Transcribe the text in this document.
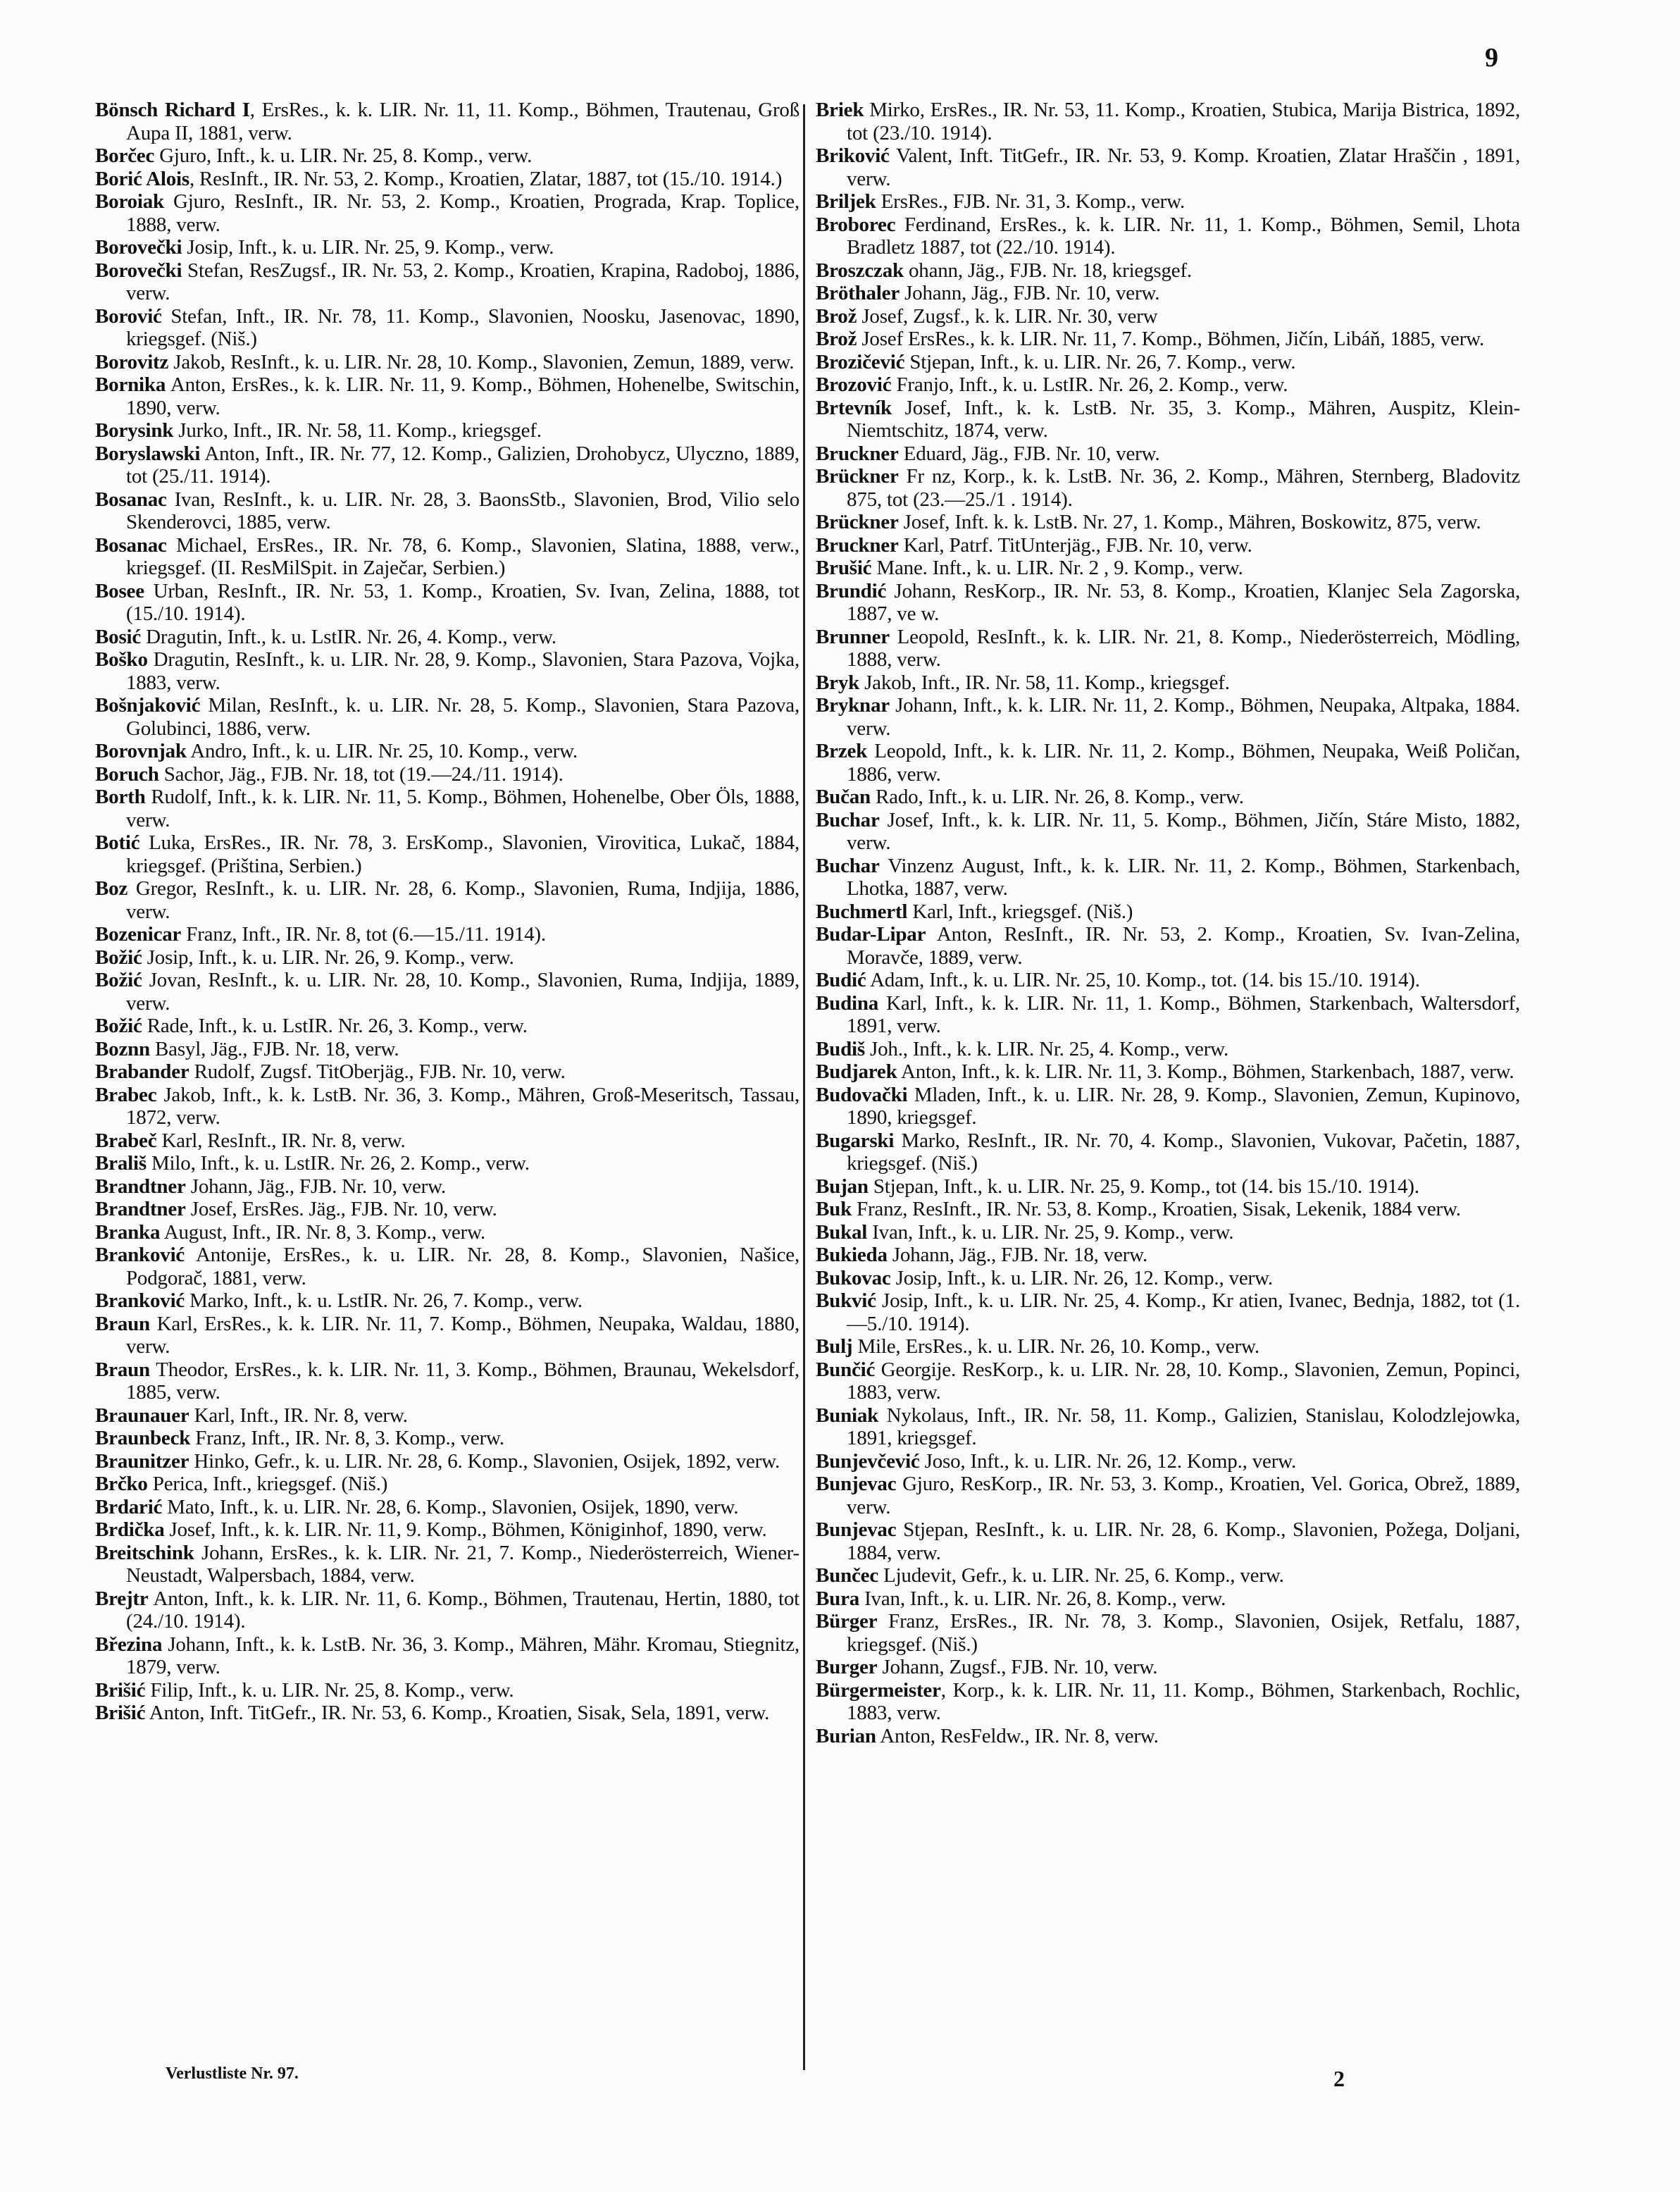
9

Bönsch Richard I, ErsRes., k. k. LIR. Nr. 11, 11. Komp., Böhmen, Trautenau, Groß Aupa II, 1881, verw.

Borčec Gjuro, Inft., k. u. LIR. Nr. 25, 8. Komp., verw.

Borić Alois, ResInft., IR. Nr. 53, 2. Komp., Kroatien, Zlatar, 1887, tot (15./10. 1914.)

Boroiak Gjuro, ResInft., IR. Nr. 53, 2. Komp., Kroatien, Prograda, Krap. Toplice, 1888, verw.

Borovečki Josip, Inft., k. u. LIR. Nr. 25, 9. Komp., verw.

Borovečki Stefan, ResZugsf., IR. Nr. 53, 2. Komp., Kroatien, Krapina, Radoboj, 1886, verw.

Borović Stefan, Inft., IR. Nr. 78, 11. Komp., Slavonien, Noosku, Jasenovac, 1890, kriegsgef. (Niš.)

Borovitz Jakob, ResInft., k. u. LIR. Nr. 28, 10. Komp., Slavonien, Zemun, 1889, verw.

Bornika Anton, ErsRes., k. k. LIR. Nr. 11, 9. Komp., Böhmen, Hohenelbe, Switschin, 1890, verw.

Borysink Jurko, Inft., IR. Nr. 58, 11. Komp., kriegsgef.

Boryslawski Anton, Inft., IR. Nr. 77, 12. Komp., Galizien, Drohobycz, Ulyczno, 1889, tot (25./11. 1914).

Bosanac Ivan, ResInft., k. u. LIR. Nr. 28, 3. BaonsStb., Slavonien, Brod, Vilio selo Skenderovci, 1885, verw.

Bosanac Michael, ErsRes., IR. Nr. 78, 6. Komp., Slavonien, Slatina, 1888, verw., kriegsgef. (II. ResMilSpit. in Zaječar, Serbien.)

Bosee Urban, ResInft., IR. Nr. 53, 1. Komp., Kroatien, Sv. Ivan, Zelina, 1888, tot (15./10. 1914).

Bosić Dragutin, Inft., k. u. LstIR. Nr. 26, 4. Komp., verw.

Boško Dragutin, ResInft., k. u. LIR. Nr. 28, 9. Komp., Slavonien, Stara Pazova, Vojka, 1883, verw.

Bošnjaković Milan, ResInft., k. u. LIR. Nr. 28, 5. Komp., Slavonien, Stara Pazova, Golubinci, 1886, verw.

Borovnjak Andro, Inft., k. u. LIR. Nr. 25, 10. Komp., verw.

Boruch Sachor, Jäg., FJB. Nr. 18, tot (19.—24./11. 1914).

Borth Rudolf, Inft., k. k. LIR. Nr. 11, 5. Komp., Böhmen, Hohenelbe, Ober Öls, 1888, verw.

Botić Luka, ErsRes., IR. Nr. 78, 3. ErsKomp., Slavonien, Virovitica, Lukač, 1884, kriegsgef. (Priština, Serbien.)

Boz Gregor, ResInft., k. u. LIR. Nr. 28, 6. Komp., Slavonien, Ruma, Indjija, 1886, verw.

Bozenicar Franz, Inft., IR. Nr. 8, tot (6.—15./11. 1914).

Božić Josip, Inft., k. u. LIR. Nr. 26, 9. Komp., verw.

Božić Jovan, ResInft., k. u. LIR. Nr. 28, 10. Komp., Slavonien, Ruma, Indjija, 1889, verw.

Božić Rade, Inft., k. u. LstIR. Nr. 26, 3. Komp., verw.

Boznn Basyl, Jäg., FJB. Nr. 18, verw.

Brabander Rudolf, Zugsf. TitOberjäg., FJB. Nr. 10, verw.

Brabec Jakob, Inft., k. k. LstB. Nr. 36, 3. Komp., Mähren, Groß-Meseritsch, Tassau, 1872, verw.

Brabeč Karl, ResInft., IR. Nr. 8, verw.

Brališ Milo, Inft., k. u. LstIR. Nr. 26, 2. Komp., verw.

Brandtner Johann, Jäg., FJB. Nr. 10, verw.

Brandtner Josef, ErsRes. Jäg., FJB. Nr. 10, verw.

Branka August, Inft., IR. Nr. 8, 3. Komp., verw.

Branković Antonije, ErsRes., k. u. LIR. Nr. 28, 8. Komp., Slavonien, Našice, Podgorač, 1881, verw.

Branković Marko, Inft., k. u. LstIR. Nr. 26, 7. Komp., verw.

Braun Karl, ErsRes., k. k. LIR. Nr. 11, 7. Komp., Böhmen, Neupaka, Waldau, 1880, verw.

Braun Theodor, ErsRes., k. k. LIR. Nr. 11, 3. Komp., Böhmen, Braunau, Wekelsdorf, 1885, verw.

Braunauer Karl, Inft., IR. Nr. 8, verw.

Braunbeck Franz, Inft., IR. Nr. 8, 3. Komp., verw.

Braunitzer Hinko, Gefr., k. u. LIR. Nr. 28, 6. Komp., Slavonien, Osijek, 1892, verw.

Brčko Perica, Inft., kriegsgef. (Niš.)

Brdarić Mato, Inft., k. u. LIR. Nr. 28, 6. Komp., Slavonien, Osijek, 1890, verw.

Brdička Josef, Inft., k. k. LIR. Nr. 11, 9. Komp., Böhmen, Königinhof, 1890, verw.

Breitschink Johann, ErsRes., k. k. LIR. Nr. 21, 7. Komp., Niederösterreich, Wiener-Neustadt, Walpersbach, 1884, verw.

Brejtr Anton, Inft., k. k. LIR. Nr. 11, 6. Komp., Böhmen, Trautenau, Hertin, 1880, tot (24./10. 1914).

Březina Johann, Inft., k. k. LstB. Nr. 36, 3. Komp., Mähren, Mähr. Kromau, Stiegnitz, 1879, verw.

Brišić Filip, Inft., k. u. LIR. Nr. 25, 8. Komp., verw.

Brišić Anton, Inft. TitGefr., IR. Nr. 53, 6. Komp., Kroatien, Sisak, Sela, 1891, verw.

Briek Mirko, ErsRes., IR. Nr. 53, 11. Komp., Kroatien, Stubica, Marija Bistrica, 1892, tot (23./10. 1914).

Briković Valent, Inft. TitGefr., IR. Nr. 53, 9. Komp. Kroatien, Zlatar Hraščin , 1891, verw.

Briljek ErsRes., FJB. Nr. 31, 3. Komp., verw.

Broborec Ferdinand, ErsRes., k. k. LIR. Nr. 11, 1. Komp., Böhmen, Semil, Lhota Bradletz 1887, tot (22./10. 1914).

Broszczak ohann, Jäg., FJB. Nr. 18, kriegsgef.

Bröthaler Johann, Jäg., FJB. Nr. 10, verw.

Brož Josef, Zugsf., k. k. LIR. Nr. 30, verw

Brož Josef ErsRes., k. k. LIR. Nr. 11, 7. Komp., Böhmen, Jičín, Libáň, 1885, verw.

Brozičević Stjepan, Inft., k. u. LIR. Nr. 26, 7. Komp., verw.

Brozović Franjo, Inft., k. u. LstIR. Nr. 26, 2. Komp., verw.

Brtevník Josef, Inft., k. k. LstB. Nr. 35, 3. Komp., Mähren, Auspitz, Klein-Niemtschitz, 1874, verw.

Bruckner Eduard, Jäg., FJB. Nr. 10, verw.

Brückner Fr nz, Korp., k. k. LstB. Nr. 36, 2. Komp., Mähren, Sternberg, Bladovitz 875, tot (23.—25./1 . 1914).

Brückner Josef, Inft. k. k. LstB. Nr. 27, 1. Komp., Mähren, Boskowitz, 875, verw.

Bruckner Karl, Patrf. TitUnterjäg., FJB. Nr. 10, verw.

Brušić Mane. Inft., k. u. LIR. Nr. 2 , 9. Komp., verw.

Brundić Johann, ResKorp., IR. Nr. 53, 8. Komp., Kroatien, Klanjec Sela Zagorska, 1887, ve w.

Brunner Leopold, ResInft., k. k. LIR. Nr. 21, 8. Komp., Niederösterreich, Mödling, 1888, verw.

Bryk Jakob, Inft., IR. Nr. 58, 11. Komp., kriegsgef.

Bryknar Johann, Inft., k. k. LIR. Nr. 11, 2. Komp., Böhmen, Neupaka, Altpaka, 1884. verw.

Brzek Leopold, Inft., k. k. LIR. Nr. 11, 2. Komp., Böhmen, Neupaka, Weiß Poličan, 1886, verw.

Bučan Rado, Inft., k. u. LIR. Nr. 26, 8. Komp., verw.

Buchar Josef, Inft., k. k. LIR. Nr. 11, 5. Komp., Böhmen, Jičín, Stáre Misto, 1882, verw.

Buchar Vinzenz August, Inft., k. k. LIR. Nr. 11, 2. Komp., Böhmen, Starkenbach, Lhotka, 1887, verw.

Buchmertl Karl, Inft., kriegsgef. (Niš.)

Budar-Lipar Anton, ResInft., IR. Nr. 53, 2. Komp., Kroatien, Sv. Ivan-Zelina, Moravče, 1889, verw.

Budić Adam, Inft., k. u. LIR. Nr. 25, 10. Komp., tot. (14. bis 15./10. 1914).

Budina Karl, Inft., k. k. LIR. Nr. 11, 1. Komp., Böhmen, Starkenbach, Waltersdorf, 1891, verw.

Budiš Joh., Inft., k. k. LIR. Nr. 25, 4. Komp., verw.

Budjarek Anton, Inft., k. k. LIR. Nr. 11, 3. Komp., Böhmen, Starkenbach, 1887, verw.

Budovački Mladen, Inft., k. u. LIR. Nr. 28, 9. Komp., Slavonien, Zemun, Kupinovo, 1890, kriegsgef.

Bugarski Marko, ResInft., IR. Nr. 70, 4. Komp., Slavonien, Vukovar, Pačetin, 1887, kriegsgef. (Niš.)

Bujan Stjepan, Inft., k. u. LIR. Nr. 25, 9. Komp., tot (14. bis 15./10. 1914).

Buk Franz, ResInft., IR. Nr. 53, 8. Komp., Kroatien, Sisak, Lekenik, 1884 verw.

Bukal Ivan, Inft., k. u. LIR. Nr. 25, 9. Komp., verw.

Bukieda Johann, Jäg., FJB. Nr. 18, verw.

Bukovac Josip, Inft., k. u. LIR. Nr. 26, 12. Komp., verw.

Bukvić Josip, Inft., k. u. LIR. Nr. 25, 4. Komp., Kr atien, Ivanec, Bednja, 1882, tot (1.—5./10. 1914).

Bulj Mile, ErsRes., k. u. LIR. Nr. 26, 10. Komp., verw.

Bunčić Georgije. ResKorp., k. u. LIR. Nr. 28, 10. Komp., Slavonien, Zemun, Popinci, 1883, verw.

Buniak Nykolaus, Inft., IR. Nr. 58, 11. Komp., Galizien, Stanislau, Kolodzlejowka, 1891, kriegsgef.

Bunjevčević Joso, Inft., k. u. LIR. Nr. 26, 12. Komp., verw.

Bunjevac Gjuro, ResKorp., IR. Nr. 53, 3. Komp., Kroatien, Vel. Gorica, Obrež, 1889, verw.

Bunjevac Stjepan, ResInft., k. u. LIR. Nr. 28, 6. Komp., Slavonien, Požega, Doljani, 1884, verw.

Bunčec Ljudevit, Gefr., k. u. LIR. Nr. 25, 6. Komp., verw.

Bura Ivan, Inft., k. u. LIR. Nr. 26, 8. Komp., verw.

Bürger Franz, ErsRes., IR. Nr. 78, 3. Komp., Slavonien, Osijek, Retfalu, 1887, kriegsgef. (Niš.)

Burger Johann, Zugsf., FJB. Nr. 10, verw.

Bürgermeister, Korp., k. k. LIR. Nr. 11, 11. Komp., Böhmen, Starkenbach, Rochlic, 1883, verw.

Burian Anton, ResFeldw., IR. Nr. 8, verw.

Verlustliste Nr. 97.	2
